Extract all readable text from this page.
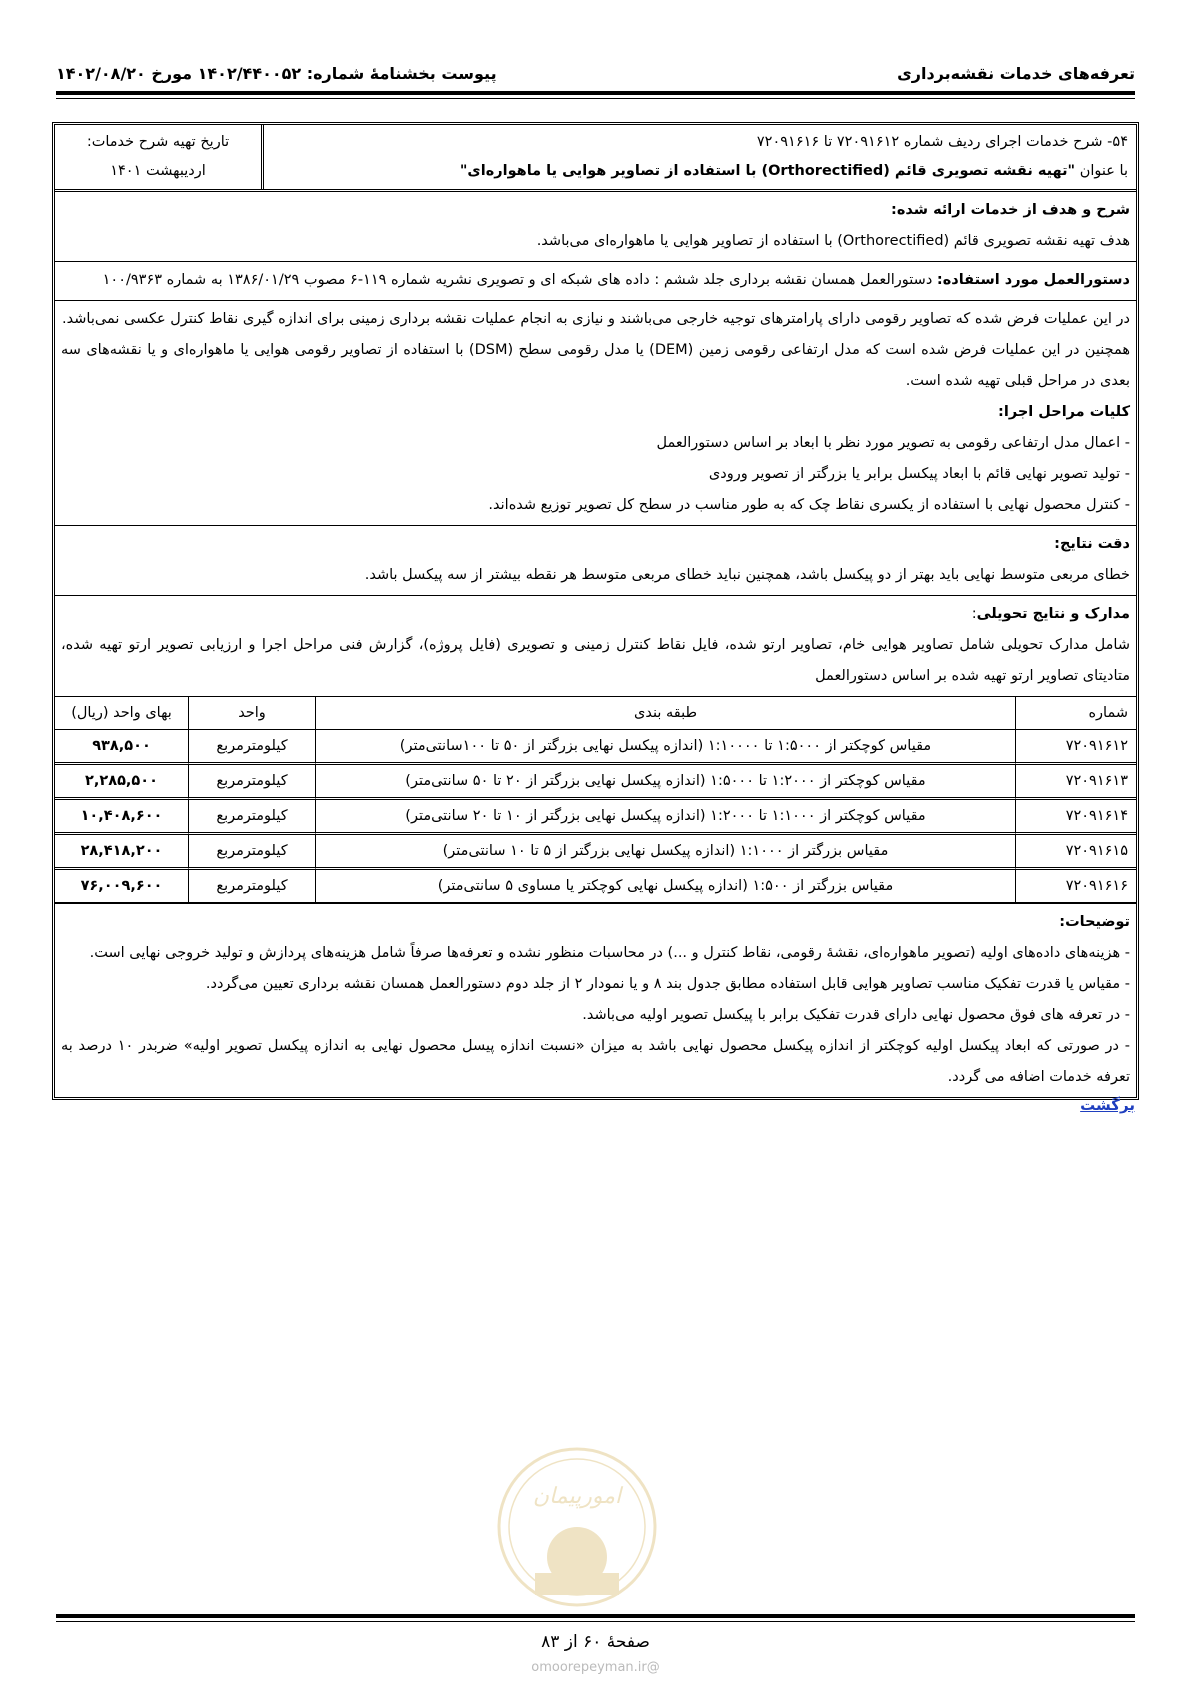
تعرفه‌های خدمات نقشه‌برداری
پیوست بخشنامۀ شماره: ۱۴۰۲/۴۴۰۰۵۲ مورخ ۱۴۰۲/۰۸/۲۰
۵۴- شرح خدمات اجرای ردیف شماره ۷۲۰۹۱۶۱۲ تا ۷۲۰۹۱۶۱۶
با عنوان "تهیه نقشه تصویری قائم (Orthorectified) با استفاده از تصاویر هوایی یا ماهواره‌ای"
تاریخ تهیه شرح خدمات:
اردیبهشت ۱۴۰۱
شرح و هدف از خدمات ارائه شده:

هدف تهیه نقشه تصویری قائم (Orthorectified) با استفاده از تصاویر هوایی یا ماهواره‌ای می‌باشد.

دستورالعمل مورد استفاده: دستورالعمل همسان نقشه برداری جلد ششم : داده های شبکه ای و تصویری نشریه شماره ۱۱۹-۶ مصوب ۱۳۸۶/۰۱/۲۹ به شماره ۱۰۰/۹۳۶۳

در این عملیات فرض شده که تصاویر رقومی دارای پارامترهای توجیه خارجی می‌باشند و نیازی به انجام عملیات نقشه برداری زمینی برای اندازه گیری نقاط کنترل عکسی نمی‌باشد.

همچنین در این عملیات فرض شده است که مدل ارتفاعی رقومی زمین (DEM) یا مدل رقومی سطح (DSM) با استفاده از تصاویر رقومی هوایی یا ماهواره‌ای و یا نقشه‌های سه بعدی در مراحل قبلی تهیه شده است.

کلیات مراحل اجرا:
- اعمال مدل ارتفاعی رقومی به تصویر مورد نظر با ابعاد بر اساس دستورالعمل
- تولید تصویر نهایی قائم با ابعاد پیکسل برابر یا بزرگتر از تصویر ورودی
- کنترل محصول نهایی با استفاده از یکسری نقاط چک که به طور مناسب در سطح کل تصویر توزیع شده‌اند.
دقت نتایج:

خطای مربعی متوسط نهایی باید بهتر از دو پیکسل باشد، همچنین نباید خطای مربعی متوسط هر نقطه بیشتر از سه پیکسل باشد.

مدارک و نتایج تحویلی:

شامل مدارک تحویلی شامل تصاویر هوایی خام، تصاویر ارتو شده، فایل نقاط کنترل زمینی و تصویری (فایل پروژه)، گزارش فنی مراحل اجرا و ارزیابی تصویر ارتو تهیه شده، متادیتای تصاویر ارتو تهیه شده بر اساس دستورالعمل

شماره	طبقه بندی	واحد	بهای واحد (ریال)
۷۲۰۹۱۶۱۲	مقیاس کوچکتر از ۱:۵۰۰۰ تا ۱:۱۰۰۰۰ (اندازه پیکسل نهایی بزرگتر از ۵۰ تا ۱۰۰سانتی‌متر)	کیلومترمربع	۹۳۸,۵۰۰
۷۲۰۹۱۶۱۳	مقیاس کوچکتر از ۱:۲۰۰۰ تا ۱:۵۰۰۰ (اندازه پیکسل نهایی بزرگتر از ۲۰ تا ۵۰ سانتی‌متر)	کیلومترمربع	۲,۲۸۵,۵۰۰
۷۲۰۹۱۶۱۴	مقیاس کوچکتر از ۱:۱۰۰۰ تا ۱:۲۰۰۰ (اندازه پیکسل نهایی بزرگتر از ۱۰ تا ۲۰ سانتی‌متر)	کیلومترمربع	۱۰,۴۰۸,۶۰۰
۷۲۰۹۱۶۱۵	مقیاس بزرگتر از ۱:۱۰۰۰ (اندازه پیکسل نهایی بزرگتر از ۵ تا ۱۰ سانتی‌متر)	کیلومترمربع	۲۸,۴۱۸,۲۰۰
۷۲۰۹۱۶۱۶	مقیاس بزرگتر از ۱:۵۰۰ (اندازه پیکسل نهایی کوچکتر یا مساوی ۵ سانتی‌متر)	کیلومترمربع	۷۶,۰۰۹,۶۰۰
توضیحات:
- هزینه‌های داده‌های اولیه (تصویر ماهواره‌ای، نقشۀ رقومی، نقاط کنترل و ...) در محاسبات منظور نشده و تعرفه‌ها صرفاً شامل هزینه‌های پردازش و تولید خروجی نهایی است.
- مقیاس یا قدرت تفکیک مناسب تصاویر هوایی قابل استفاده مطابق جدول بند ۸ و یا نمودار ۲ از جلد دوم دستورالعمل همسان نقشه برداری تعیین می‌گردد.
- در تعرفه های فوق محصول نهایی دارای قدرت تفکیک برابر با پیکسل تصویر اولیه می‌باشد.
- در صورتی که ابعاد پیکسل اولیه کوچکتر از اندازه پیکسل محصول نهایی باشد به میزان «نسبت اندازه پیسل محصول نهایی به اندازه پیکسل تصویر اولیه» ضربدر ۱۰ درصد به تعرفه خدمات اضافه می گردد.
برگشت
امورپیمان
صفحۀ ۶۰ از ۸۳
@omoorepeyman.ir
